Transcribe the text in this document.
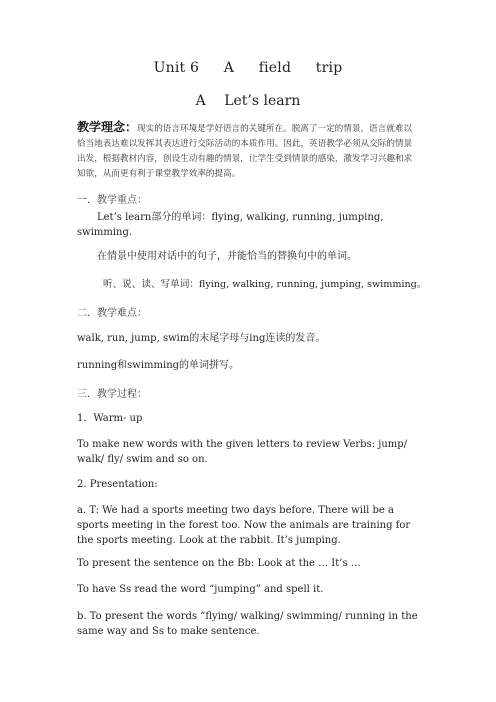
Unit 6 A field trip
A Let’s learn
教学理念：现实的语言环境是学好语言的关键所在。脱离了一定的情景，语言就难以恰当地表达难以发挥其表达进行交际活动的本质作用。因此，英语教学必须从交际的情景出发，根据教材内容，创设生动有趣的情景，让学生受到情景的感染，激发学习兴趣和求知欲，从而更有利于课堂教学效率的提高。
一．教学重点：
Let’s learn部分的单词：flying, walking, running, jumping, swimming.
在情景中使用对话中的句子，并能恰当的替换句中的单词。
听、说、读、写单词：flying, walking, running, jumping, swimming。
二．教学难点：
walk, run, jump, swim的末尾字母与ing连读的发音。
running和swimming的单词拼写。
三．教学过程：
1．Warm- up
To make new words with the given letters to review Verbs: jump/ walk/ fly/ swim and so on.
2. Presentation:
a. T: We had a sports meeting two days before. There will be a sports meeting in the forest too. Now the animals are training for the sports meeting. Look at the rabbit. It’s jumping.
To present the sentence on the Bb: Look at the … It’s …
To have Ss read the word “jumping” and spell it.
b. To present the words “flying/ walking/ swimming/ running in the same way and Ss to make sentence.
